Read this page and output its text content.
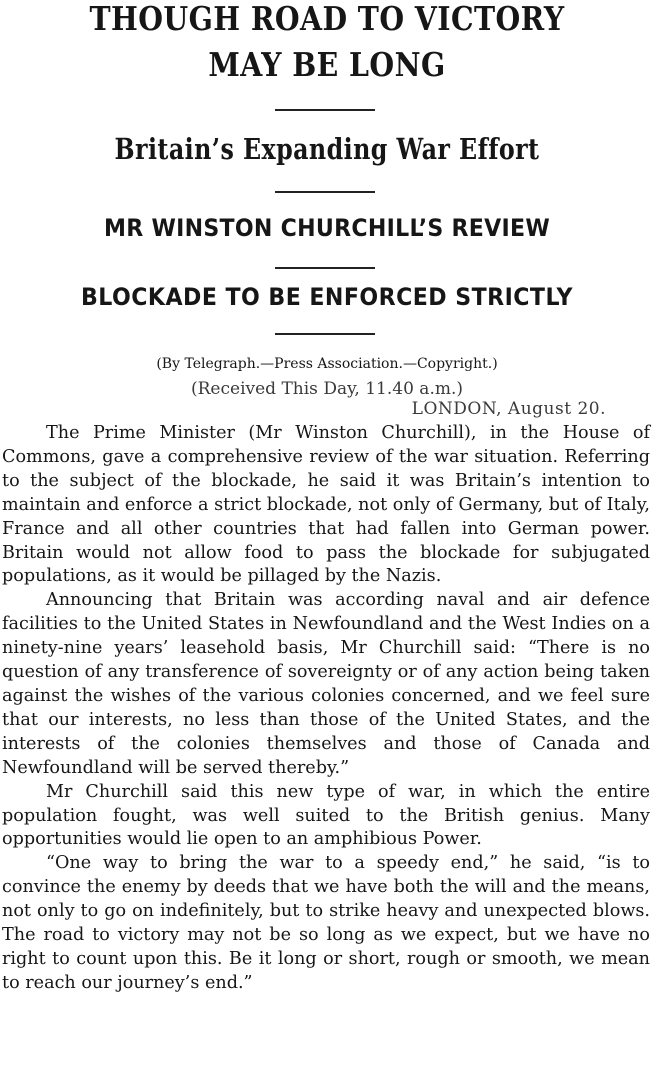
THOUGH ROAD TO VICTORY
MAY BE LONG
Britain’s Expanding War Effort
MR WINSTON CHURCHILL’S REVIEW
BLOCKADE TO BE ENFORCED STRICTLY

(By Telegraph.—Press Association.—Copyright.)

(Received This Day, 11.40 a.m.)

LONDON, August 20.

The Prime Minister (Mr Winston Churchill), in the House of Commons, gave a comprehensive review of the war situation. Referring to the subject of the blockade, he said it was Britain’s intention to maintain and enforce a strict blockade, not only of Germany, but of Italy, France and all other countries that had fallen into German power. Britain would not allow food to pass the blockade for subjugated populations, as it would be pillaged by the Nazis.

Announcing that Britain was according naval and air defence facilities to the United States in Newfoundland and the West Indies on a ninety-nine years’ leasehold basis, Mr Churchill said: “There is no question of any transference of sovereignty or of any action being taken against the wishes of the various colonies concerned, and we feel sure that our interests, no less than those of the United States, and the interests of the colonies themselves and those of Canada and Newfoundland will be served thereby.”

Mr Churchill said this new type of war, in which the entire population fought, was well suited to the British genius. Many opportunities would lie open to an amphibious Power.

“One way to bring the war to a speedy end,” he said, “is to convince the enemy by deeds that we have both the will and the means, not only to go on indefinitely, but to strike heavy and unexpected blows. The road to victory may not be so long as we expect, but we have no right to count upon this. Be it long or short, rough or smooth, we mean to reach our journey’s end.”
